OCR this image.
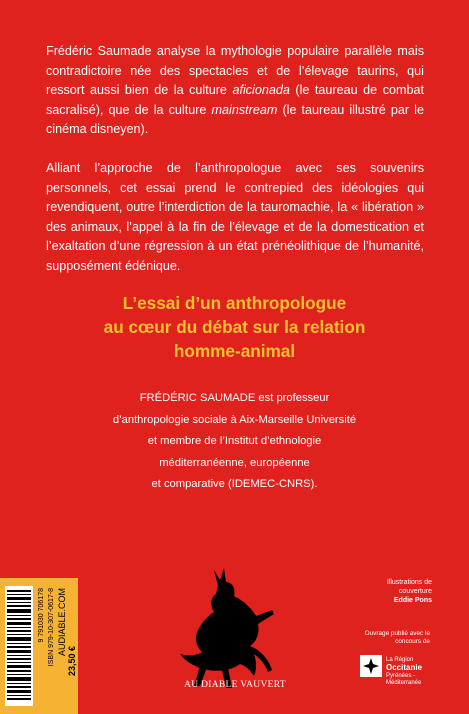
Frédéric Saumade analyse la mythologie populaire parallèle mais contradictoire née des spectacles et de l’élevage taurins, qui ressort aussi bien de la culture aficionada (le taureau de combat sacralisé), que de la culture mainstream (le taureau illustré par le cinéma disneyen).
Alliant l’approche de l’anthropologue avec ses souvenirs personnels, cet essai prend le contrepied des idéologies qui revendiquent, outre l’interdiction de la tauromachie, la « libération » des animaux, l’appel à la fin de l’élevage et de la domestication et l’exaltation d’une régression à un état prénéolithique de l’humanité, supposément édénique.
L’essai d’un anthropologue
au cœur du débat sur la relation
homme-animal
FRÉDÉRIC SAUMADE est professeur
d’anthropologie sociale à Aix-Marseille Université
et membre de l’Institut d’ethnologie
méditerranéenne, européenne
et comparative (IDEMEC-CNRS).
9 791030 706178 ISBN 979-10-307-0617-8 AUDIABLE.COM
23,50 €
AU DIABLE VAUVERT
Illustrations de couverture
Eddie Pons
Ouvrage publié avec le concours de
La Région
Occitanie
Pyrénées - Méditerranée
